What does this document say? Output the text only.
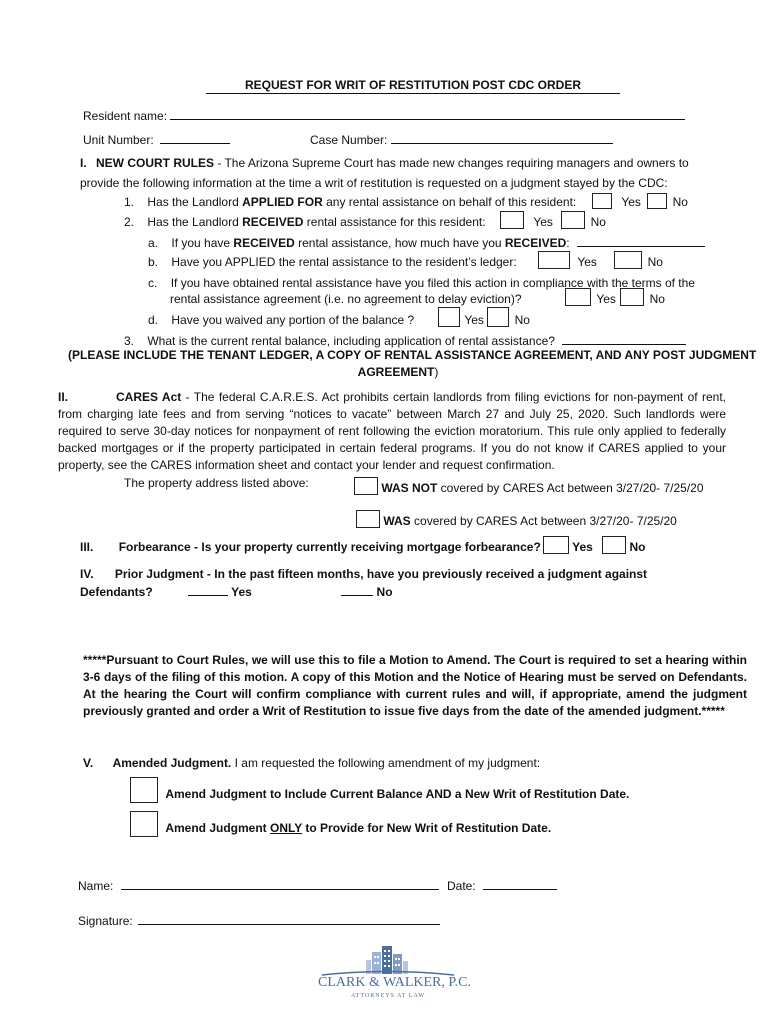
REQUEST FOR WRIT OF RESTITUTION POST CDC ORDER
Resident name:
Unit Number:	Case Number:
I. NEW COURT RULES - The Arizona Supreme Court has made new changes requiring managers and owners to
provide the following information at the time a writ of restitution is requested on a judgment stayed by the CDC:
1. Has the Landlord APPLIED FOR any rental assistance on behalf of this resident:	Yes	No
2. Has the Landlord RECEIVED rental assistance for this resident:	Yes	No
a. If you have RECEIVED rental assistance, how much have you RECEIVED:
b. Have you APPLIED the rental assistance to the resident’s ledger:	Yes	No
c. If you have obtained rental assistance have you filed this action in compliance with the terms of the
rental assistance agreement (i.e. no agreement to delay eviction)?	Yes	No
d. Have you waived any portion of the balance ?	Yes	No
3. What is the current rental balance, including application of rental assistance?
(PLEASE INCLUDE THE TENANT LEDGER, A COPY OF RENTAL ASSISTANCE AGREEMENT, AND ANY POST JUDGMENT
AGREEMENT)
II.	CARES Act - The federal C.A.R.E.S. Act prohibits certain landlords from filing evictions for non-payment of rent, from charging late fees and from serving “notices to vacate” between March 27 and July 25, 2020. Such landlords were required to serve 30-day notices for nonpayment of rent following the eviction moratorium. This rule only applied to federally backed mortgages or if the property participated in certain federal programs. If you do not know if CARES applied to your property, see the CARES information sheet and contact your lender and request confirmation.
The property address listed above:	WAS NOT covered by CARES Act between 3/27/20- 7/25/20
WAS covered by CARES Act between 3/27/20- 7/25/20
III. Forbearance - Is your property currently receiving mortgage forbearance?	Yes	No
IV. Prior Judgment - In the past fifteen months, have you previously received a judgment against
Defendants?	Yes	No
*****Pursuant to Court Rules, we will use this to file a Motion to Amend. The Court is required to set a hearing within 3-6 days of the filing of this motion. A copy of this Motion and the Notice of Hearing must be served on Defendants. At the hearing the Court will confirm compliance with current rules and will, if appropriate, amend the judgment previously granted and order a Writ of Restitution to issue five days from the date of the amended judgment.*****
V. Amended Judgment. I am requested the following amendment of my judgment:
Amend Judgment to Include Current Balance AND a New Writ of Restitution Date.
Amend Judgment ONLY to Provide for New Writ of Restitution Date.
Name:	Date:
Signature:
CLARK & WALKER, P.C.
ATTORNEYS AT LAW
